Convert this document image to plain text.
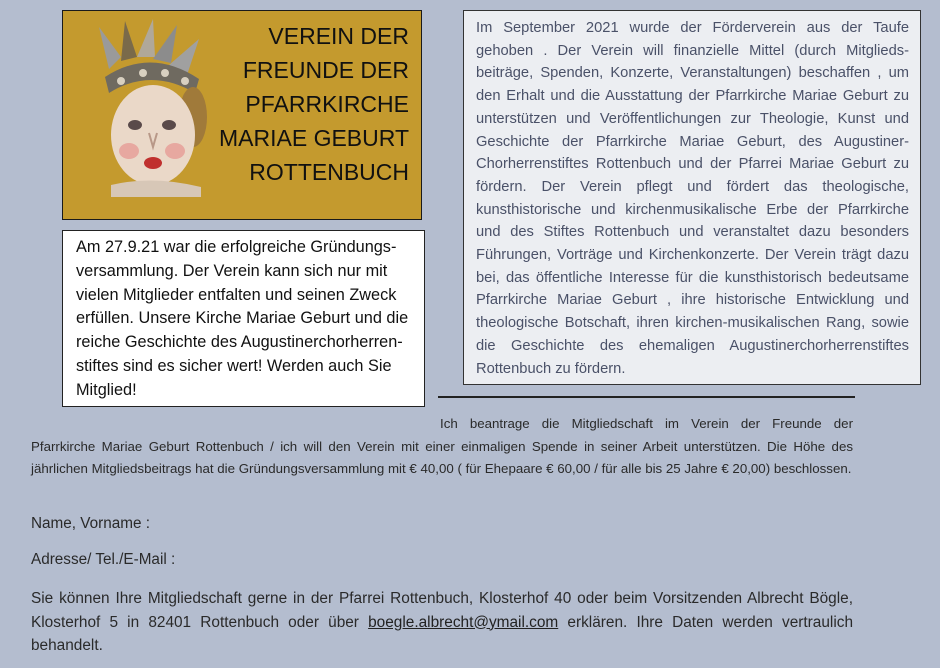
VEREIN DER
FREUNDE DER
PFARRKIRCHE
MARIAE GEBURT
ROTTENBUCH
Am 27.9.21 war die erfolgreiche Gründungs-
versammlung. Der Verein kann sich nur mit
vielen Mitglieder entfalten und seinen Zweck
erfüllen. Unsere Kirche Mariae Geburt und die
reiche Geschichte des Augustinerchorherren-
stiftes sind es sicher wert! Werden auch Sie
Mitglied!
Im September 2021 wurde der Förderverein aus der Taufe gehoben . Der Verein will finanzielle Mittel (durch Mitglieds-beiträge, Spenden, Konzerte, Veranstaltungen) beschaffen , um den Erhalt und die Ausstattung der Pfarrkirche Mariae Geburt zu unterstützen und Veröffentlichungen zur Theologie, Kunst und Geschichte der Pfarrkirche Mariae Geburt, des Augustiner-Chorherrenstiftes Rottenbuch und der Pfarrei Mariae Geburt zu fördern. Der Verein pflegt und fördert das theologische, kunsthistorische und kirchenmusikalische Erbe der Pfarrkirche und des Stiftes Rottenbuch und veranstaltet dazu besonders Führungen, Vorträge und Kirchenkonzerte. Der Verein trägt dazu bei, das öffentliche Interesse für die kunsthistorisch bedeutsame Pfarrkirche Mariae Geburt , ihre historische Entwicklung und theologische Botschaft, ihren kirchen-musikalischen Rang, sowie die Geschichte des ehemaligen Augustinerchorherrenstiftes Rottenbuch zu fördern.
Ich beantrage die Mitgliedschaft im Verein der Freunde der Pfarrkirche Mariae Geburt Rottenbuch / ich will den Verein mit einer einmaligen Spende in seiner Arbeit unterstützen. Die Höhe des jährlichen Mitgliedsbeitrags hat die Gründungsversammlung mit € 40,00 ( für Ehepaare € 60,00 / für alle bis 25 Jahre € 20,00) beschlossen.
Name, Vorname :
Adresse/ Tel./E-Mail :
Sie können Ihre Mitgliedschaft gerne in der Pfarrei Rottenbuch, Klosterhof 40 oder beim Vorsitzenden Albrecht Bögle, Klosterhof 5 in 82401 Rottenbuch oder über boegle.albrecht@ymail.com erklären. Ihre Daten werden vertraulich behandelt.
